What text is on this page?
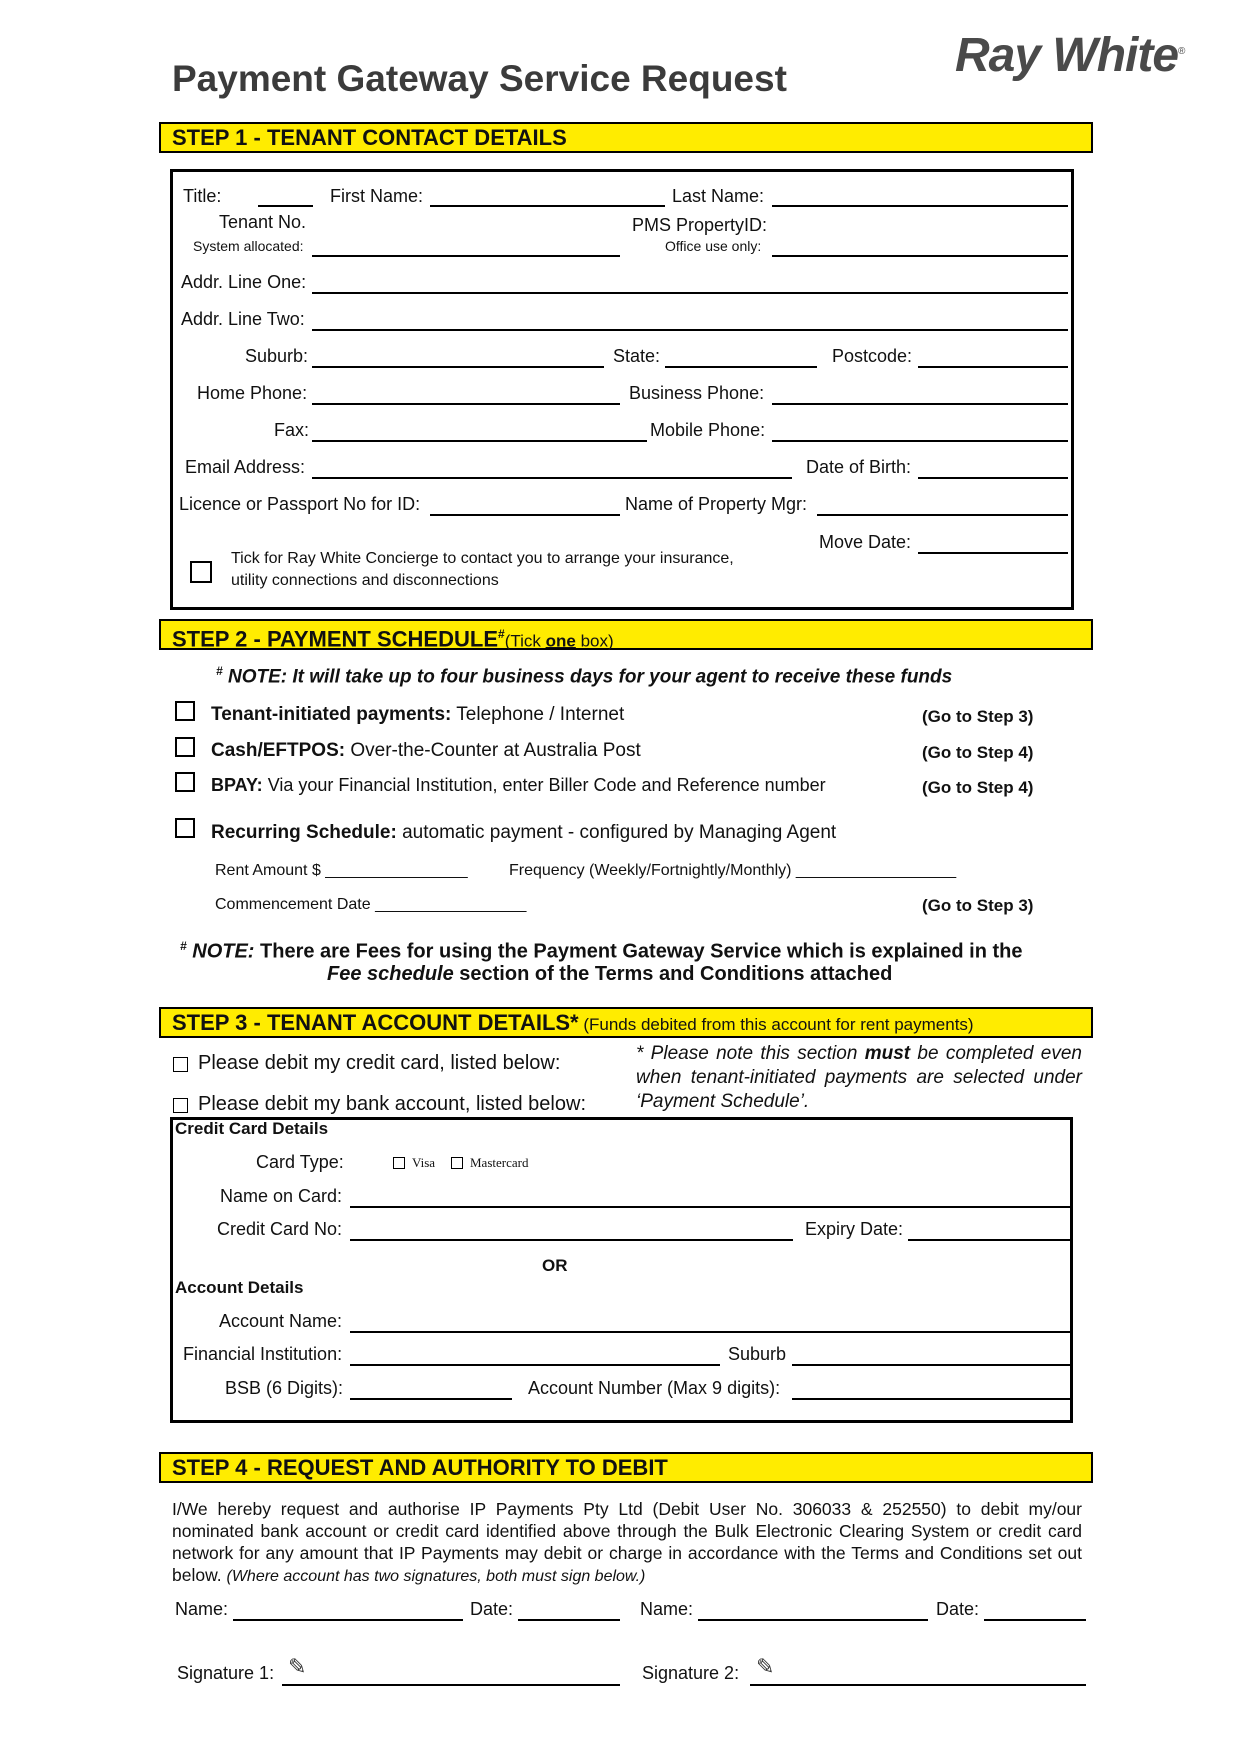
Payment Gateway Service Request	Ray White®
STEP 1 - TENANT CONTACT DETAILS
Title:	First Name:	Last Name:
Tenant No.
System allocated:
PMS PropertyID:
Office use only:
Addr. Line One:
Addr. Line Two:
Suburb:	State:	Postcode:
Home Phone:	Business Phone:
Fax:	Mobile Phone:
Email Address:	Date of Birth:
Licence or Passport No for ID:	Name of Property Mgr:
Move Date:
Tick for Ray White Concierge to contact you to arrange your insurance,
utility connections and disconnections
STEP 2 - PAYMENT SCHEDULE#(Tick one box)
# NOTE: It will take up to four business days for your agent to receive these funds
Tenant-initiated payments: Telephone / Internet	(Go to Step 3)
Cash/EFTPOS: Over-the-Counter at Australia Post	(Go to Step 4)
BPAY: Via your Financial Institution, enter Biller Code and Reference number	(Go to Step 4)
Recurring Schedule: automatic payment - configured by Managing Agent
Rent Amount $ ________________	Frequency (Weekly/Fortnightly/Monthly) __________________
Commencement Date _________________	(Go to Step 3)
# NOTE: There are Fees for using the Payment Gateway Service which is explained in the
Fee schedule section of the Terms and Conditions attached
STEP 3 - TENANT ACCOUNT DETAILS* (Funds debited from this account for rent payments)
Please debit my credit card, listed below:
Please debit my bank account, listed below:
* Please note this section must be completed even when tenant-initiated payments are selected under ‘Payment Schedule’.
Credit Card Details
Card Type:	Visa	Mastercard
Name on Card:
Credit Card No:	Expiry Date:
OR
Account Details
Account Name:
Financial Institution:	Suburb
BSB (6 Digits):	Account Number (Max 9 digits):
STEP 4 - REQUEST AND AUTHORITY TO DEBIT
I/We hereby request and authorise IP Payments Pty Ltd (Debit User No. 306033 & 252550) to debit my/our nominated bank account or credit card identified above through the Bulk Electronic Clearing System or credit card network for any amount that IP Payments may debit or charge in accordance with the Terms and Conditions set out below. (Where account has two signatures, both must sign below.)
Name:	Date:	Name:	Date:
Signature 1: ✎	Signature 2: ✎
